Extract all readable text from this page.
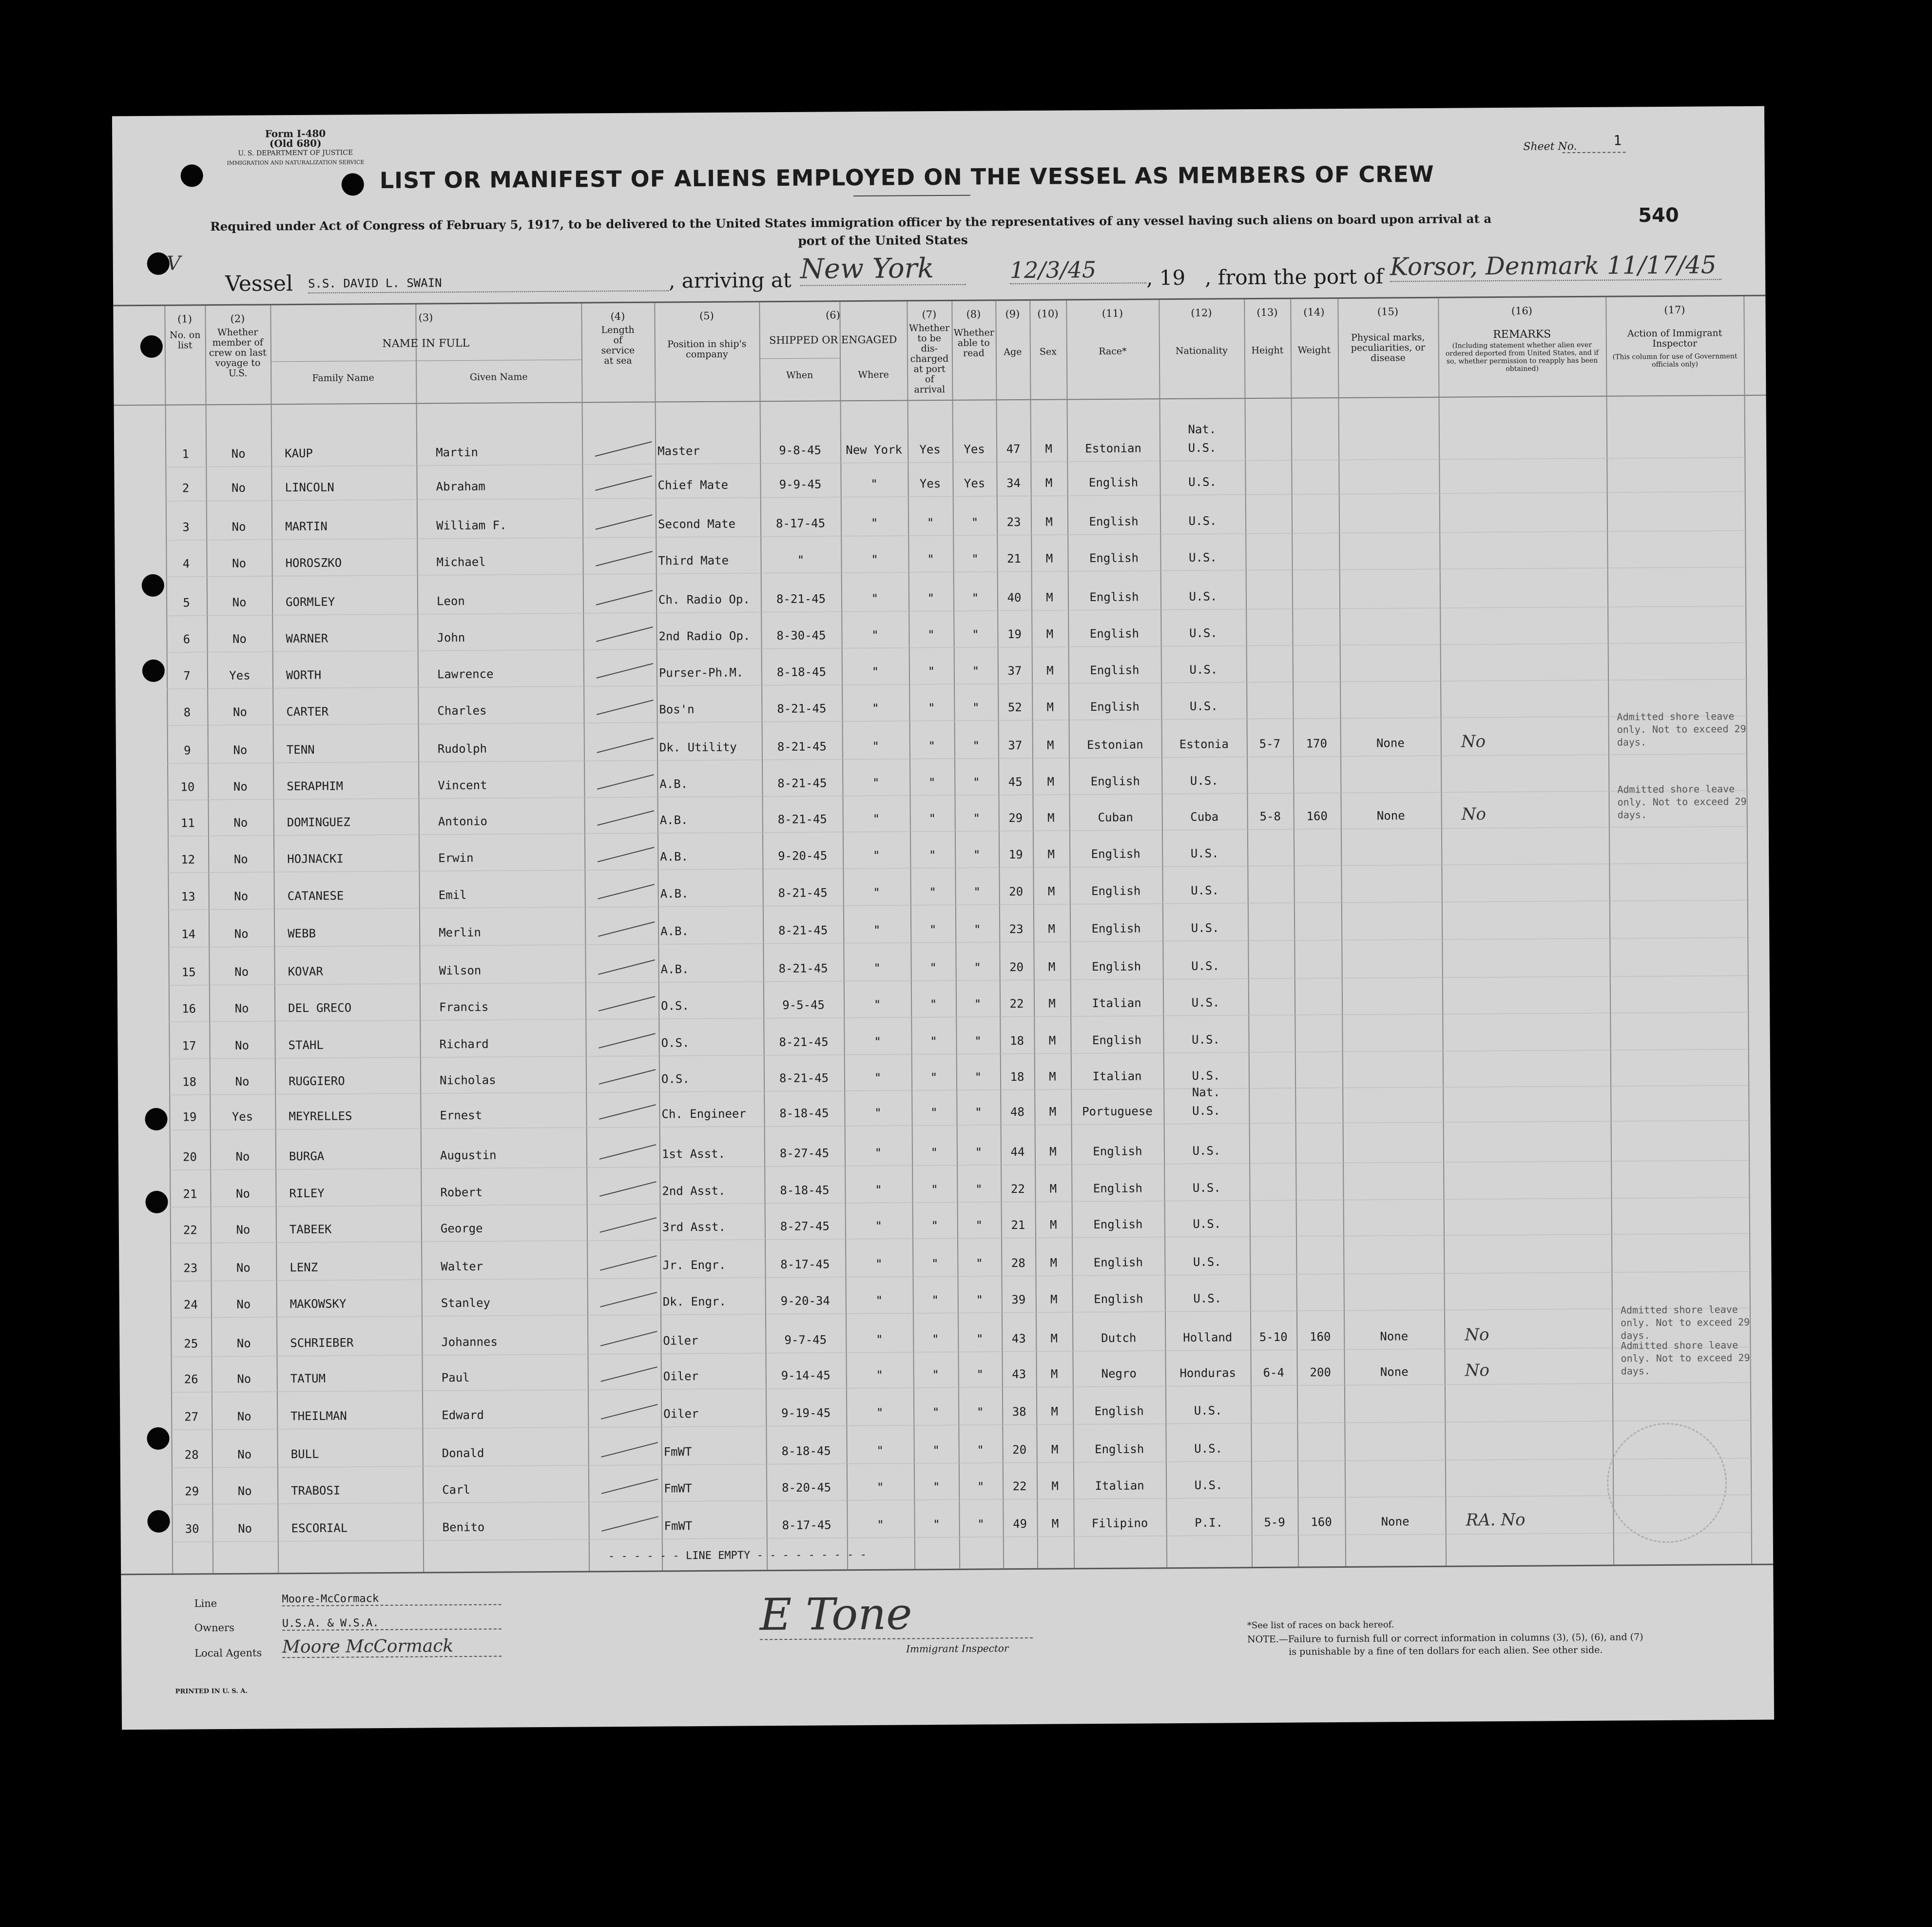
Form I-480
(Old 680)
U. S. DEPARTMENT OF JUSTICE
IMMIGRATION AND NATURALIZATION SERVICE
Sheet No.	1
LIST OR MANIFEST OF ALIENS EMPLOYED ON THE VESSEL AS MEMBERS OF CREW
Required under Act of Congress of February 5, 1917, to be delivered to the United States immigration officer by the representatives of any vessel having such aliens on board upon arrival at a
port of the United States
540
V
Vessel S.S. DAVID L. SWAIN	, arriving at New York	12/3/45	, 19 , from the port of Korsor, Denmark 11/17/45
(1)
No. on list
(2)
Whether member of crew on last voyage to U.S.
(3)
NAME IN FULL
Family Name	Given Name
(4)
Length of service at sea
(5)
Position in ship's company
(6)
SHIPPED OR ENGAGED
When	Where
(7)
Whether to be dis-charged at port of arrival
(8)
Whether able to read
(9)
Age
(10)
Sex
(11)
Race*
(12)
Nationality
(13)
Height
(14)
Weight
(15)
Physical marks, peculiarities, or disease
(16)
REMARKS
(Including statement whether alien ever ordered deported from United States, and if so, whether permission to reapply has been obtained)
(17)
Action of Immigrant Inspector
(This column for use of Government officials only)
1	No	KAUP	Martin	Master	9-8-45	New York	Yes	Yes	47	M	Estonian	U.S.
Nat.
2	No	LINCOLN	Abraham	Chief Mate	9-9-45	"	Yes	Yes	34	M	English	U.S.
3	No	MARTIN	William F.	Second Mate	8-17-45	"	"	"	23	M	English	U.S.
4	No	HOROSZKO	Michael	Third Mate	"	"	"	"	21	M	English	U.S.
5	No	GORMLEY	Leon	Ch. Radio Op.	8-21-45	"	"	"	40	M	English	U.S.
6	No	WARNER	John	2nd Radio Op.	8-30-45	"	"	"	19	M	English	U.S.
7	Yes	WORTH	Lawrence	Purser-Ph.M.	8-18-45	"	"	"	37	M	English	U.S.
8	No	CARTER	Charles	Bos'n	8-21-45	"	"	"	52	M	English	U.S.
9	No	TENN	Rudolph	Dk. Utility	8-21-45	"	"	"	37	M	Estonian	Estonia	5-7	170	None	No
Admitted shore leave only. Not to exceed 29 days.
10	No	SERAPHIM	Vincent	A.B.	8-21-45	"	"	"	45	M	English	U.S.
11	No	DOMINGUEZ	Antonio	A.B.	8-21-45	"	"	"	29	M	Cuban	Cuba	5-8	160	None	No
Admitted shore leave only. Not to exceed 29 days.
12	No	HOJNACKI	Erwin	A.B.	9-20-45	"	"	"	19	M	English	U.S.
13	No	CATANESE	Emil	A.B.	8-21-45	"	"	"	20	M	English	U.S.
14	No	WEBB	Merlin	A.B.	8-21-45	"	"	"	23	M	English	U.S.
15	No	KOVAR	Wilson	A.B.	8-21-45	"	"	"	20	M	English	U.S.
16	No	DEL GRECO	Francis	O.S.	9-5-45	"	"	"	22	M	Italian	U.S.
17	No	STAHL	Richard	O.S.	8-21-45	"	"	"	18	M	English	U.S.
18	No	RUGGIERO	Nicholas	O.S.	8-21-45	"	"	"	18	M	Italian	U.S.
19	Yes	MEYRELLES	Ernest	Ch. Engineer	8-18-45	"	"	"	48	M	Portuguese	U.S.
Nat.
20	No	BURGA	Augustin	1st Asst.	8-27-45	"	"	"	44	M	English	U.S.
21	No	RILEY	Robert	2nd Asst.	8-18-45	"	"	"	22	M	English	U.S.
22	No	TABEEK	George	3rd Asst.	8-27-45	"	"	"	21	M	English	U.S.
23	No	LENZ	Walter	Jr. Engr.	8-17-45	"	"	"	28	M	English	U.S.
24	No	MAKOWSKY	Stanley	Dk. Engr.	9-20-34	"	"	"	39	M	English	U.S.
25	No	SCHRIEBER	Johannes	Oiler	9-7-45	"	"	"	43	M	Dutch	Holland	5-10	160	None	No
Admitted shore leave only. Not to exceed 29 days.
26	No	TATUM	Paul	Oiler	9-14-45	"	"	"	43	M	Negro	Honduras	6-4	200	None	No
Admitted shore leave only. Not to exceed 29 days.
27	No	THEILMAN	Edward	Oiler	9-19-45	"	"	"	38	M	English	U.S.
28	No	BULL	Donald	FmWT	8-18-45	"	"	"	20	M	English	U.S.
29	No	TRABOSI	Carl	FmWT	8-20-45	"	"	"	22	M	Italian	U.S.
30	No	ESCORIAL	Benito	FmWT	8-17-45	"	"	"	49	M	Filipino	P.I.	5-9	160	None	RA. No
- - - - - - LINE EMPTY - - - - - - - - -
Line	Moore-McCormack
Owners	U.S.A. & W.S.A.
Local Agents Moore McCormack
E Tone
Immigrant Inspector
*See list of races on back hereof.
NOTE.—Failure to furnish full or correct information in columns (3), (5), (6), and (7)
is punishable by a fine of ten dollars for each alien. See other side.
PRINTED IN U. S. A.
